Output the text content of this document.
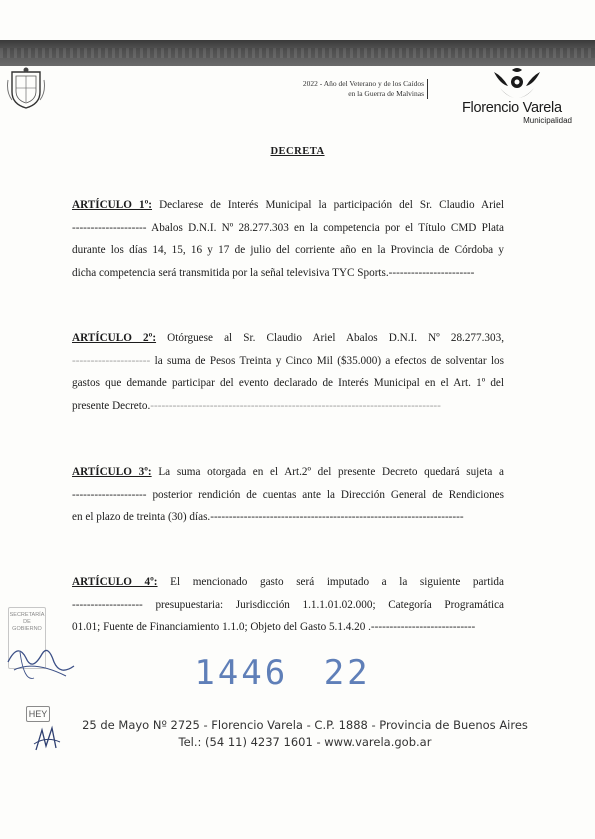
2022 - Año del Veterano y de los Caídos
en la Guerra de Malvinas
Florencio Varela
Municipalidad
DECRETA
ARTÍCULO 1º: Declarese de Interés Municipal la participación del Sr. Claudio Ariel
-------------------- Abalos D.N.I. Nº 28.277.303 en la competencia por el Título CMD Plata
durante los días 14, 15, 16 y 17 de julio del corriente año en la Provincia de Córdoba y
dicha competencia será transmitida por la señal televisiva TYC Sports.-----------------------
ARTÍCULO 2º: Otórguese al Sr. Claudio Ariel Abalos D.N.I. Nº 28.277.303,
--------------------- la suma de Pesos Treinta y Cinco Mil ($35.000) a efectos de solventar los
gastos que demande participar del evento declarado de Interés Municipal en el Art. 1º del
presente Decreto.------------------------------------------------------------------------------
ARTÍCULO 3º: La suma otorgada en el Art.2º del presente Decreto quedará sujeta a
-------------------- posterior rendición de cuentas ante la Dirección General de Rendiciones
en el plazo de treinta (30) días.--------------------------------------------------------------------
ARTÍCULO 4º: El mencionado gasto será imputado a la siguiente partida
------------------- presupuestaria: Jurisdicción 1.1.1.01.02.000; Categoría Programática
01.01; Fuente de Financiamiento 1.1.0; Objeto del Gasto 5.1.4.20 .----------------------------
SECRETARÍA
DE
GOBIERNO
1446 22
HEY
25 de Mayo Nº 2725 - Florencio Varela - C.P. 1888 - Provincia de Buenos Aires
Tel.: (54 11) 4237 1601 - www.varela.gob.ar
